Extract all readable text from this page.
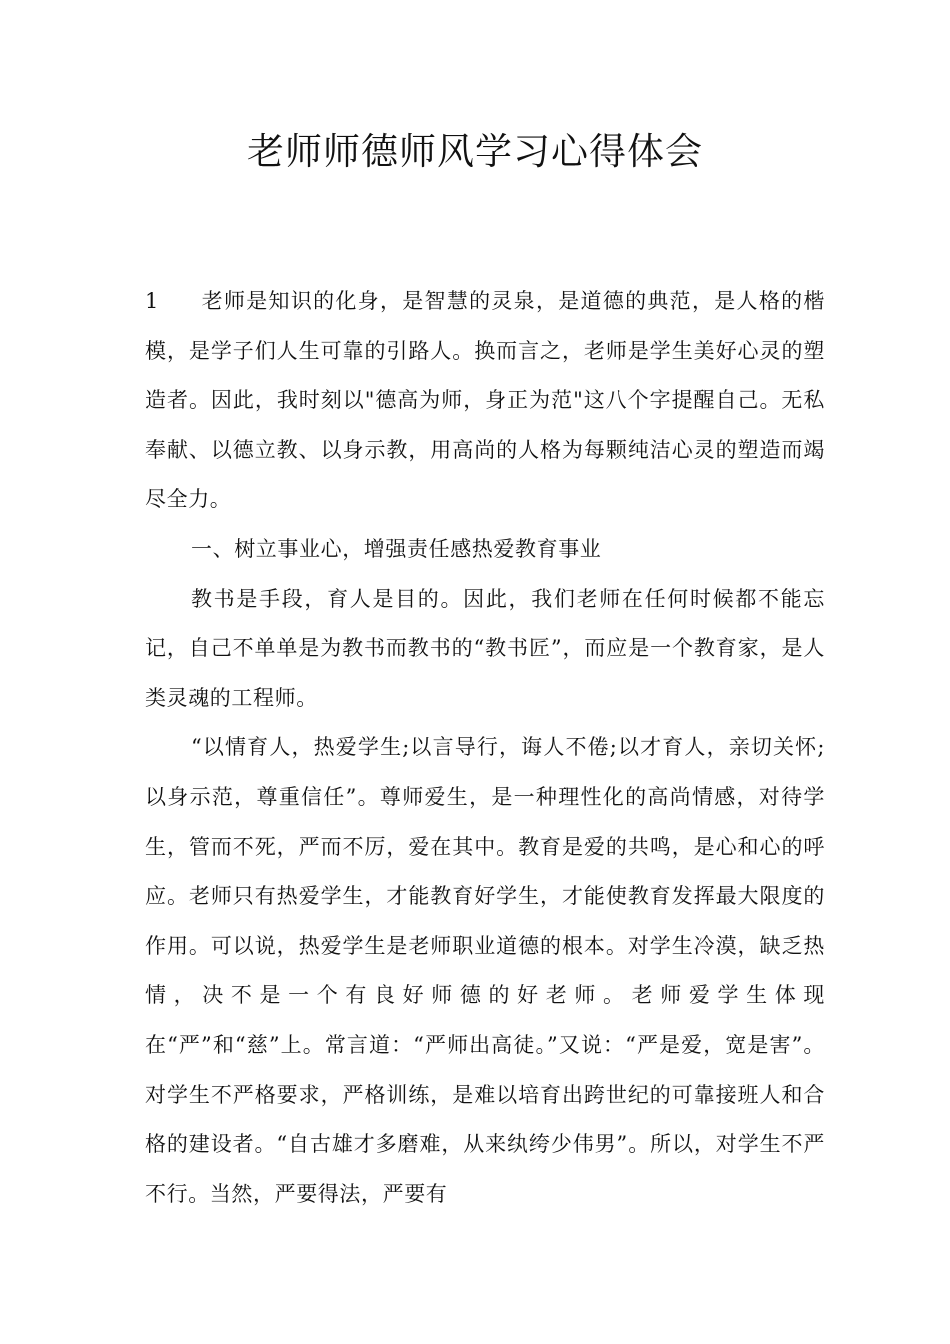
老师师德师风学习心得体会

1 老师是知识的化身，是智慧的灵泉，是道德的典范，是人格的楷模，是学子们人生可靠的引路人。换而言之，老师是学生美好心灵的塑造者。因此，我时刻以"德高为师，身正为范"这八个字提醒自己。无私奉献、以德立教、以身示教，用高尚的人格为每颗纯洁心灵的塑造而竭尽全力。

一、树立事业心，增强责任感热爱教育事业

教书是手段，育人是目的。因此，我们老师在任何时候都不能忘记，自己不单单是为教书而教书的“教书匠”，而应是一个教育家，是人类灵魂的工程师。

“以情育人，热爱学生;以言导行，诲人不倦;以才育人，亲切关怀;以身示范，尊重信任”。尊师爱生，是一种理性化的高尚情感，对待学生，管而不死，严而不厉，爱在其中。教育是爱的共鸣，是心和心的呼应。老师只有热爱学生，才能教育好学生，才能使教育发挥最大限度的作用。可以说，热爱学生是老师职业道德的根本。对学生冷漠，缺乏热情，决不是一个有良好师德的好老师。老师爱学生体现在“严”和“慈”上。常言道：“严师出高徒。”又说：“严是爱，宽是害”。对学生不严格要求，严格训练，是难以培育出跨世纪的可靠接班人和合格的建设者。“自古雄才多磨难，从来纨绔少伟男”。所以，对学生不严不行。当然，严要得法，严要有
